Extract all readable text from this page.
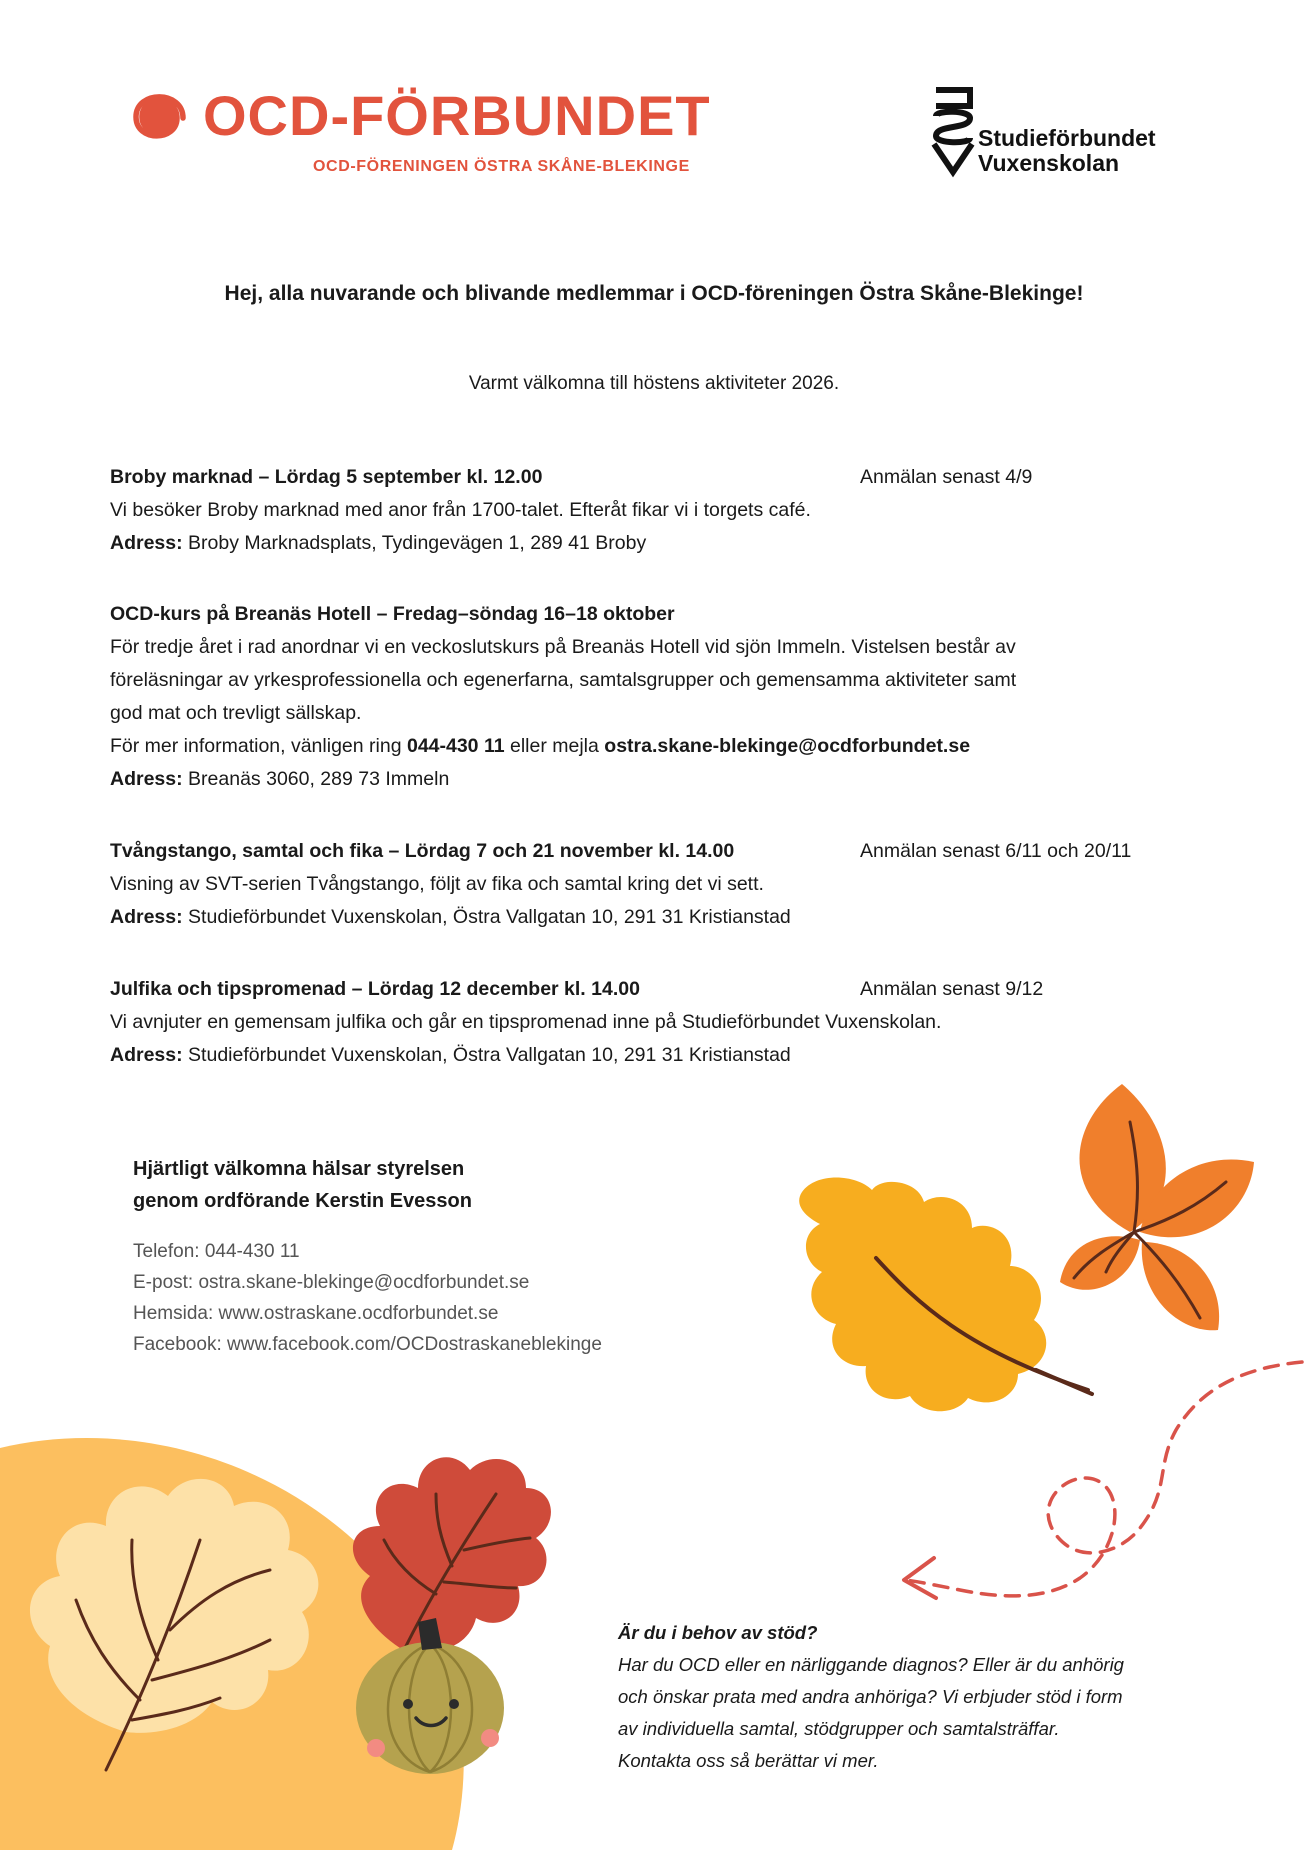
OCD-FÖRBUNDET
OCD-FÖRENINGEN ÖSTRA SKÅNE-BLEKINGE
Studieförbundet
Vuxenskolan
Hej, alla nuvarande och blivande medlemmar i OCD-föreningen Östra Skåne-Blekinge!
Varmt välkomna till höstens aktiviteter 2026.

Broby marknad – Lördag 5 september kl. 12.00	Anmälan senast 4/9

Vi besöker Broby marknad med anor från 1700-talet. Efteråt fikar vi i torgets café.

Adress: Broby Marknadsplats, Tydingevägen 1, 289 41 Broby

OCD-kurs på Breanäs Hotell – Fredag–söndag 16–18 oktober

För tredje året i rad anordnar vi en veckoslutskurs på Breanäs Hotell vid sjön Immeln. Vistelsen består av

föreläsningar av yrkesprofessionella och egenerfarna, samtalsgrupper och gemensamma aktiviteter samt

god mat och trevligt sällskap.

För mer information, vänligen ring 044-430 11 eller mejla ostra.skane-blekinge@ocdforbundet.se

Adress: Breanäs 3060, 289 73 Immeln

Tvångstango, samtal och fika – Lördag 7 och 21 november kl. 14.00	Anmälan senast 6/11 och 20/11

Visning av SVT-serien Tvångstango, följt av fika och samtal kring det vi sett.

Adress: Studieförbundet Vuxenskolan, Östra Vallgatan 10, 291 31 Kristianstad

Julfika och tipspromenad – Lördag 12 december kl. 14.00	Anmälan senast 9/12

Vi avnjuter en gemensam julfika och går en tipspromenad inne på Studieförbundet Vuxenskolan.

Adress: Studieförbundet Vuxenskolan, Östra Vallgatan 10, 291 31 Kristianstad

Hjärtligt välkomna hälsar styrelsen
genom ordförande Kerstin Evesson
Telefon: 044-430 11
E-post: ostra.skane-blekinge@ocdforbundet.se
Hemsida: www.ostraskane.ocdforbundet.se
Facebook: www.facebook.com/OCDostraskaneblekinge
Är du i behov av stöd?
Har du OCD eller en närliggande diagnos? Eller är du anhörig
och önskar prata med andra anhöriga? Vi erbjuder stöd i form
av individuella samtal, stödgrupper och samtalsträffar.
Kontakta oss så berättar vi mer.
